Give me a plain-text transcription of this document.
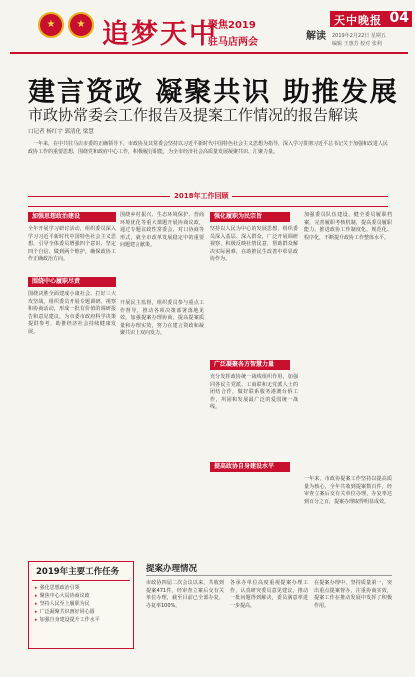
★	★ 追梦天中
聚焦2019
驻马店两会
解读
天中晚报 04
2019年2月22日 星期五
编辑 王惠芳 校对 张利
建言资政 凝聚共识 助推发展
市政协常委会工作报告及提案工作情况的报告解读
口记者 杨红宇 郭清化 梁慧
一年来，在中共驻马店市委的正确领导下，市政协及其常委会坚持以习近平新时代中国特色社会主义思想为指导，深入学习贯彻习近平总书记关于加强和改进人民政协工作的重要思想，围绕党和政府中心工作，积极履行职能，为全市经济社会高质量发展凝聚共识、汇聚力量。
2018年工作回顾
加强思想政治建设
全年开展学习研讨活动，组织委员深入学习习近平新时代中国特色社会主义思想，引导全体委员增强四个意识、坚定四个自信、做到两个维护，确保政协工作正确政治方向。
围绕中心履职尽责
围绕决胜全面建成小康社会、打好三大攻坚战，组织委员开展专题调研、视察和协商活动，形成一批有价值的调研报告和意见建议，为市委市政府科学决策提供参考，助推经济社会持续健康发展。
围绕乡村振兴、生态环境保护、营商环境优化等重大课题开展协商议政，通过专题议政性常委会、对口协商等形式，就全市改革发展稳定中的重要问题建言献策。
开展民主监督，组织委员参与重点工作督导，推动各项决策部署落地见效。加强提案办理协商，提高提案质量和办理实效，努力在建言资政和凝聚共识上双向发力。
强化履职为民宗旨
坚持以人民为中心的发展思想，组织委员深入基层、深入群众，广泛开展调研视察，积极反映社情民意，帮助群众解决实际困难，在助推民生改善中彰显政协作为。
广泛凝聚各方智慧力量
充分发挥政协统一战线组织作用，加强同各民主党派、工商联和无党派人士的团结合作，做好联系服务港澳台侨工作，巩固和发展最广泛的爱国统一战线。
提高政协自身建设水平
加强委员队伍建设，健全委员履职档案，完善履职考核机制，提高委员履职能力。推进政协工作制度化、规范化、程序化，不断提升政协工作整体水平。
一年来，市政协提案工作坚持以提高质量为核心，全年共收到提案数百件，经审查立案后交有关单位办理，办复率达到百分之百，提案办理取得明显成效。
2019年主要工作任务
★ 强化思想政治引领
★ 聚焦中心大局协商议政
★ 坚持人民至上履职为民
★ 广泛凝聚共识画好同心圆
★ 加强自身建设提升工作水平
提案办理情况
市政协四届二次会议以来，共收到提案471件，经审查立案后交有关单位办理，截至目前已全部办复，办复率100%。
各承办单位高度重视提案办理工作，认真研究委员意见建议，推动一批问题得到解决，委员满意率进一步提高。
在提案办理中，坚持质量第一，突出重点提案督办，注重协商实效，提案工作在推动发展中发挥了积极作用。
